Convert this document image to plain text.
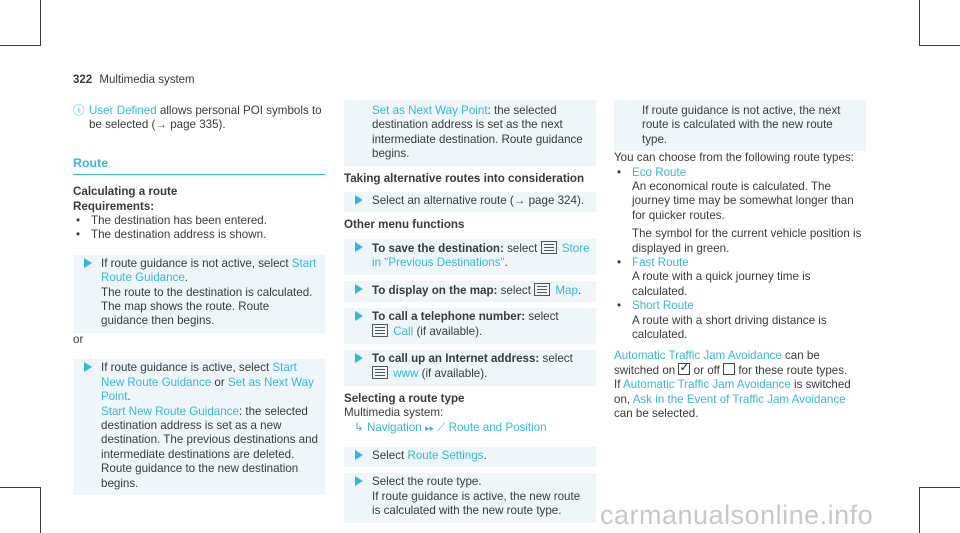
322 Multimedia system
ⓘ User Defined allows personal POI symbols to be selected (→ page 335).
Route
Calculating a route
Requirements:
• The destination has been entered.
• The destination address is shown.
If route guidance is not active, select Start Route Guidance.
The route to the destination is calculated. The map shows the route. Route guidance then begins.
or
If route guidance is active, select Start New Route Guidance or Set as Next Way Point.
Start New Route Guidance: the selected destination address is set as a new destination. The previous destinations and intermediate destinations are deleted. Route guidance to the new destination begins.
Set as Next Way Point: the selected destination address is set as the next intermediate destination. Route guidance begins.
Taking alternative routes into consideration
Select an alternative route (→ page 324).
Other menu functions
To save the destination: select  Store in "Previous Destinations".
To display on the map: select  Map.
To call a telephone number: select
Call (if available).
To call up an Internet address: select
www (if available).
Selecting a route type
Multimedia system:
↳ Navigation ▸▸ ⟋ Route and Position
Select Route Settings.
Select the route type.
If route guidance is active, the new route is calculated with the new route type.
If route guidance is not active, the next route is calculated with the new route type.
You can choose from the following route types:
• Eco Route
An economical route is calculated. The journey time may be somewhat longer than for quicker routes.
The symbol for the current vehicle position is displayed in green.
• Fast Route
A route with a quick journey time is calculated.
• Short Route
A route with a short driving distance is calculated.
Automatic Traffic Jam Avoidance can be switched on ✓ or off  for these route types.
If Automatic Traffic Jam Avoidance is switched on, Ask in the Event of Traffic Jam Avoidance can be selected.
carmanualsonline.info
